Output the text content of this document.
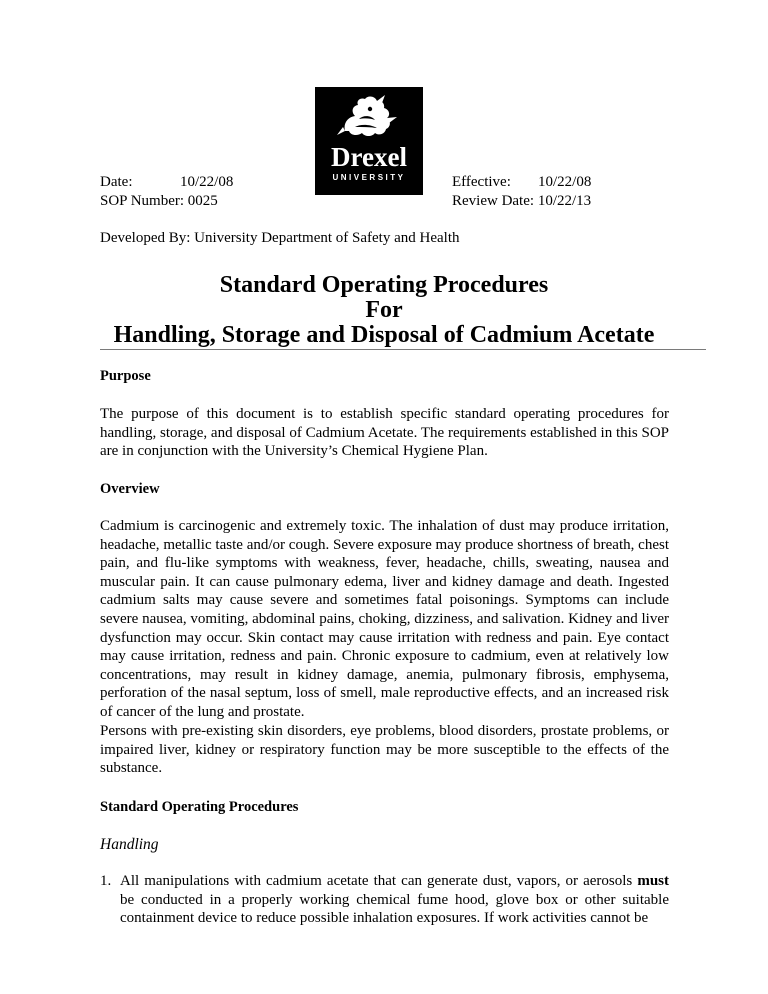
Date:	10/22/08
SOP Number: 0025
Drexel
UNIVERSITY	Effective: 10/22/08
Review Date: 10/22/13
Developed By: University Department of Safety and Health
Standard Operating Procedures
For
Handling, Storage and Disposal of Cadmium Acetate
Purpose
The purpose of this document is to establish specific standard operating procedures for handling, storage, and disposal of Cadmium Acetate. The requirements established in this SOP are in conjunction with the University’s Chemical Hygiene Plan.
Overview
Cadmium is carcinogenic and extremely toxic. The inhalation of dust may produce irritation, headache, metallic taste and/or cough. Severe exposure may produce shortness of breath, chest pain, and flu-like symptoms with weakness, fever, headache, chills, sweating, nausea and muscular pain. It can cause pulmonary edema, liver and kidney damage and death. Ingested cadmium salts may cause severe and sometimes fatal poisonings. Symptoms can include severe nausea, vomiting, abdominal pains, choking, dizziness, and salivation. Kidney and liver dysfunction may occur. Skin contact may cause irritation with redness and pain. Eye contact may cause irritation, redness and pain. Chronic exposure to cadmium, even at relatively low concentrations, may result in kidney damage, anemia, pulmonary fibrosis, emphysema, perforation of the nasal septum, loss of smell, male reproductive effects, and an increased risk of cancer of the lung and prostate.
Persons with pre-existing skin disorders, eye problems, blood disorders, prostate problems, or impaired liver, kidney or respiratory function may be more susceptible to the effects of the substance.
Standard Operating Procedures
Handling
1. All manipulations with cadmium acetate that can generate dust, vapors, or aerosols must be conducted in a properly working chemical fume hood, glove box or other suitable containment device to reduce possible inhalation exposures. If work activities cannot be
